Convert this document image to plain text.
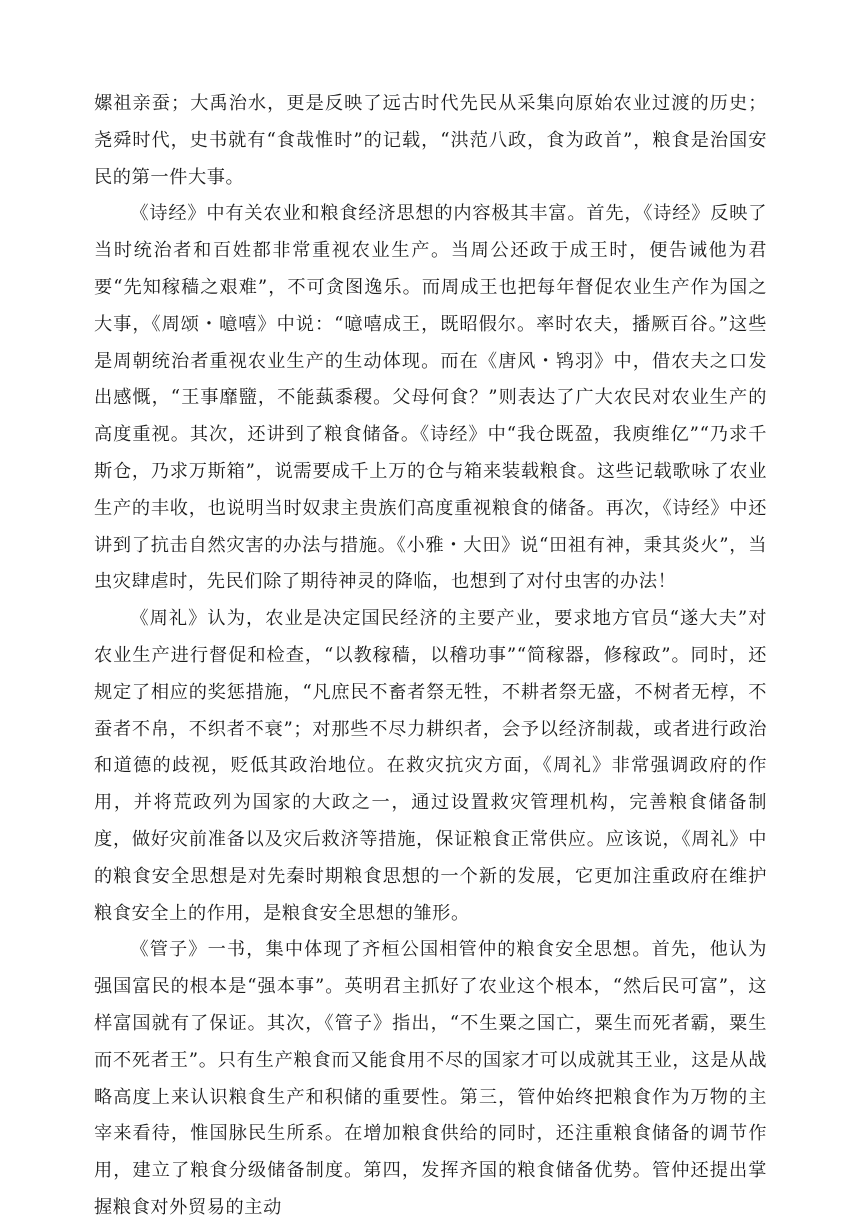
嫘祖亲蚕；大禹治水，更是反映了远古时代先民从采集向原始农业过渡的历史；尧舜时代，史书就有“食哉惟时”的记载，“洪范八政，食为政首”，粮食是治国安民的第一件大事。

《诗经》中有关农业和粮食经济思想的内容极其丰富。首先，《诗经》反映了当时统治者和百姓都非常重视农业生产。当周公还政于成王时，便告诫他为君要“先知稼穑之艰难”，不可贪图逸乐。而周成王也把每年督促农业生产作为国之大事，《周颂・噫嘻》中说：“噫嘻成王，既昭假尔。率时农夫，播厥百谷。”这些是周朝统治者重视农业生产的生动体现。而在《唐风・鸨羽》中，借农夫之口发出感慨，“王事靡盬，不能蓺黍稷。父母何食？”则表达了广大农民对农业生产的高度重视。其次，还讲到了粮食储备。《诗经》中“我仓既盈，我庾维亿”“乃求千斯仓，乃求万斯箱”，说需要成千上万的仓与箱来装载粮食。这些记载歌咏了农业生产的丰收，也说明当时奴隶主贵族们高度重视粮食的储备。再次，《诗经》中还讲到了抗击自然灾害的办法与措施。《小雅・大田》说“田祖有神，秉其炎火”，当虫灾肆虐时，先民们除了期待神灵的降临，也想到了对付虫害的办法！

《周礼》认为，农业是决定国民经济的主要产业，要求地方官员“遂大夫”对农业生产进行督促和检查，“以教稼穑，以稽功事”“简稼器，修稼政”。同时，还规定了相应的奖惩措施，“凡庶民不畜者祭无牲，不耕者祭无盛，不树者无椁，不蚕者不帛，不织者不衰”；对那些不尽力耕织者，会予以经济制裁，或者进行政治和道德的歧视，贬低其政治地位。在救灾抗灾方面，《周礼》非常强调政府的作用，并将荒政列为国家的大政之一，通过设置救灾管理机构，完善粮食储备制度，做好灾前准备以及灾后救济等措施，保证粮食正常供应。应该说，《周礼》中的粮食安全思想是对先秦时期粮食思想的一个新的发展，它更加注重政府在维护粮食安全上的作用，是粮食安全思想的雏形。

《管子》一书，集中体现了齐桓公国相管仲的粮食安全思想。首先，他认为强国富民的根本是“强本事”。英明君主抓好了农业这个根本，“然后民可富”，这样富国就有了保证。其次，《管子》指出，“不生粟之国亡，粟生而死者霸，粟生而不死者王”。只有生产粮食而又能食用不尽的国家才可以成就其王业，这是从战略高度上来认识粮食生产和积储的重要性。第三，管仲始终把粮食作为万物的主宰来看待，惟国脉民生所系。在增加粮食供给的同时，还注重粮食储备的调节作用，建立了粮食分级储备制度。第四，发挥齐国的粮食储备优势。管仲还提出掌握粮食对外贸易的主动
